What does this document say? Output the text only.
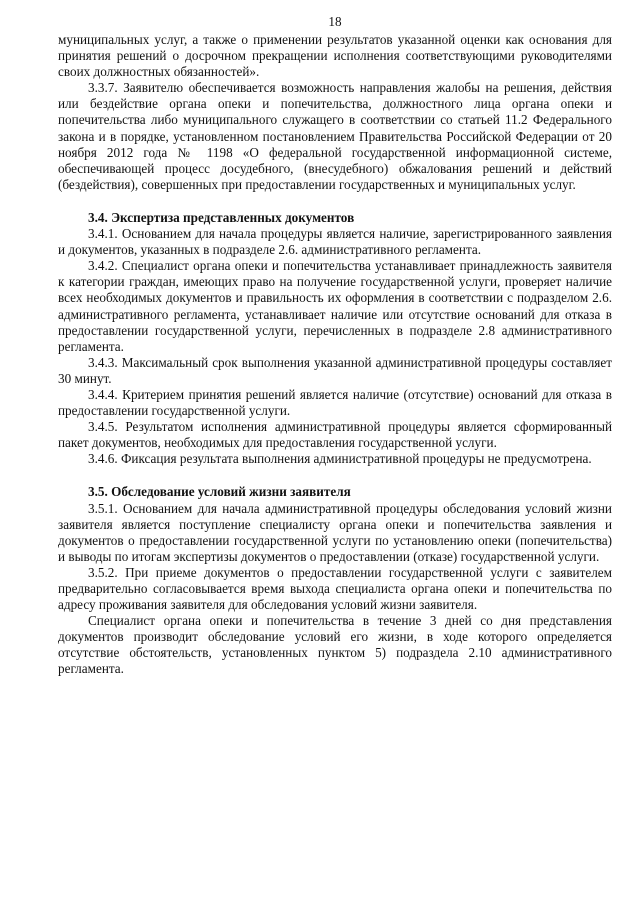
18

муниципальных услуг, а также о применении результатов указанной оценки как основания для принятия решений о досрочном прекращении исполнения соответствующими руководителями своих должностных обязанностей».

3.3.7. Заявителю обеспечивается возможность направления жалобы на решения, действия или бездействие органа опеки и попечительства, должностного лица органа опеки и попечительства либо муниципального служащего в соответствии со статьей 11.2 Федерального закона и в порядке, установленном постановлением Правительства Российской Федерации от 20 ноября 2012 года № 1198 «О федеральной государственной информационной системе, обеспечивающей процесс досудебного, (внесудебного) обжалования решений и действий (бездействия), совершенных при предоставлении государственных и муниципальных услуг.

3.4. Экспертиза представленных документов

3.4.1. Основанием для начала процедуры является наличие, зарегистрированного заявления и документов, указанных в подразделе 2.6. административного регламента.

3.4.2. Специалист органа опеки и попечительства устанавливает принадлежность заявителя к категории граждан, имеющих право на получение государственной услуги, проверяет наличие всех необходимых документов и правильность их оформления в соответствии с подразделом 2.6. административного регламента, устанавливает наличие или отсутствие оснований для отказа в предоставлении государственной услуги, перечисленных в подразделе 2.8 административного регламента.

3.4.3. Максимальный срок выполнения указанной административной процедуры составляет 30 минут.

3.4.4. Критерием принятия решений является наличие (отсутствие) оснований для отказа в предоставлении государственной услуги.

3.4.5. Результатом исполнения административной процедуры является сформированный пакет документов, необходимых для предоставления государственной услуги.

3.4.6. Фиксация результата выполнения административной процедуры не предусмотрена.

3.5. Обследование условий жизни заявителя

3.5.1. Основанием для начала административной процедуры обследования условий жизни заявителя является поступление специалисту органа опеки и попечительства заявления и документов о предоставлении государственной услуги по установлению опеки (попечительства) и выводы по итогам экспертизы документов о предоставлении (отказе) государственной услуги.

3.5.2. При приеме документов о предоставлении государственной услуги с заявителем предварительно согласовывается время выхода специалиста органа опеки и попечительства по адресу проживания заявителя для обследования условий жизни заявителя.

Специалист органа опеки и попечительства в течение 3 дней со дня представления документов производит обследование условий его жизни, в ходе которого определяется отсутствие обстоятельств, установленных пунктом 5) подраздела 2.10 административного регламента.
